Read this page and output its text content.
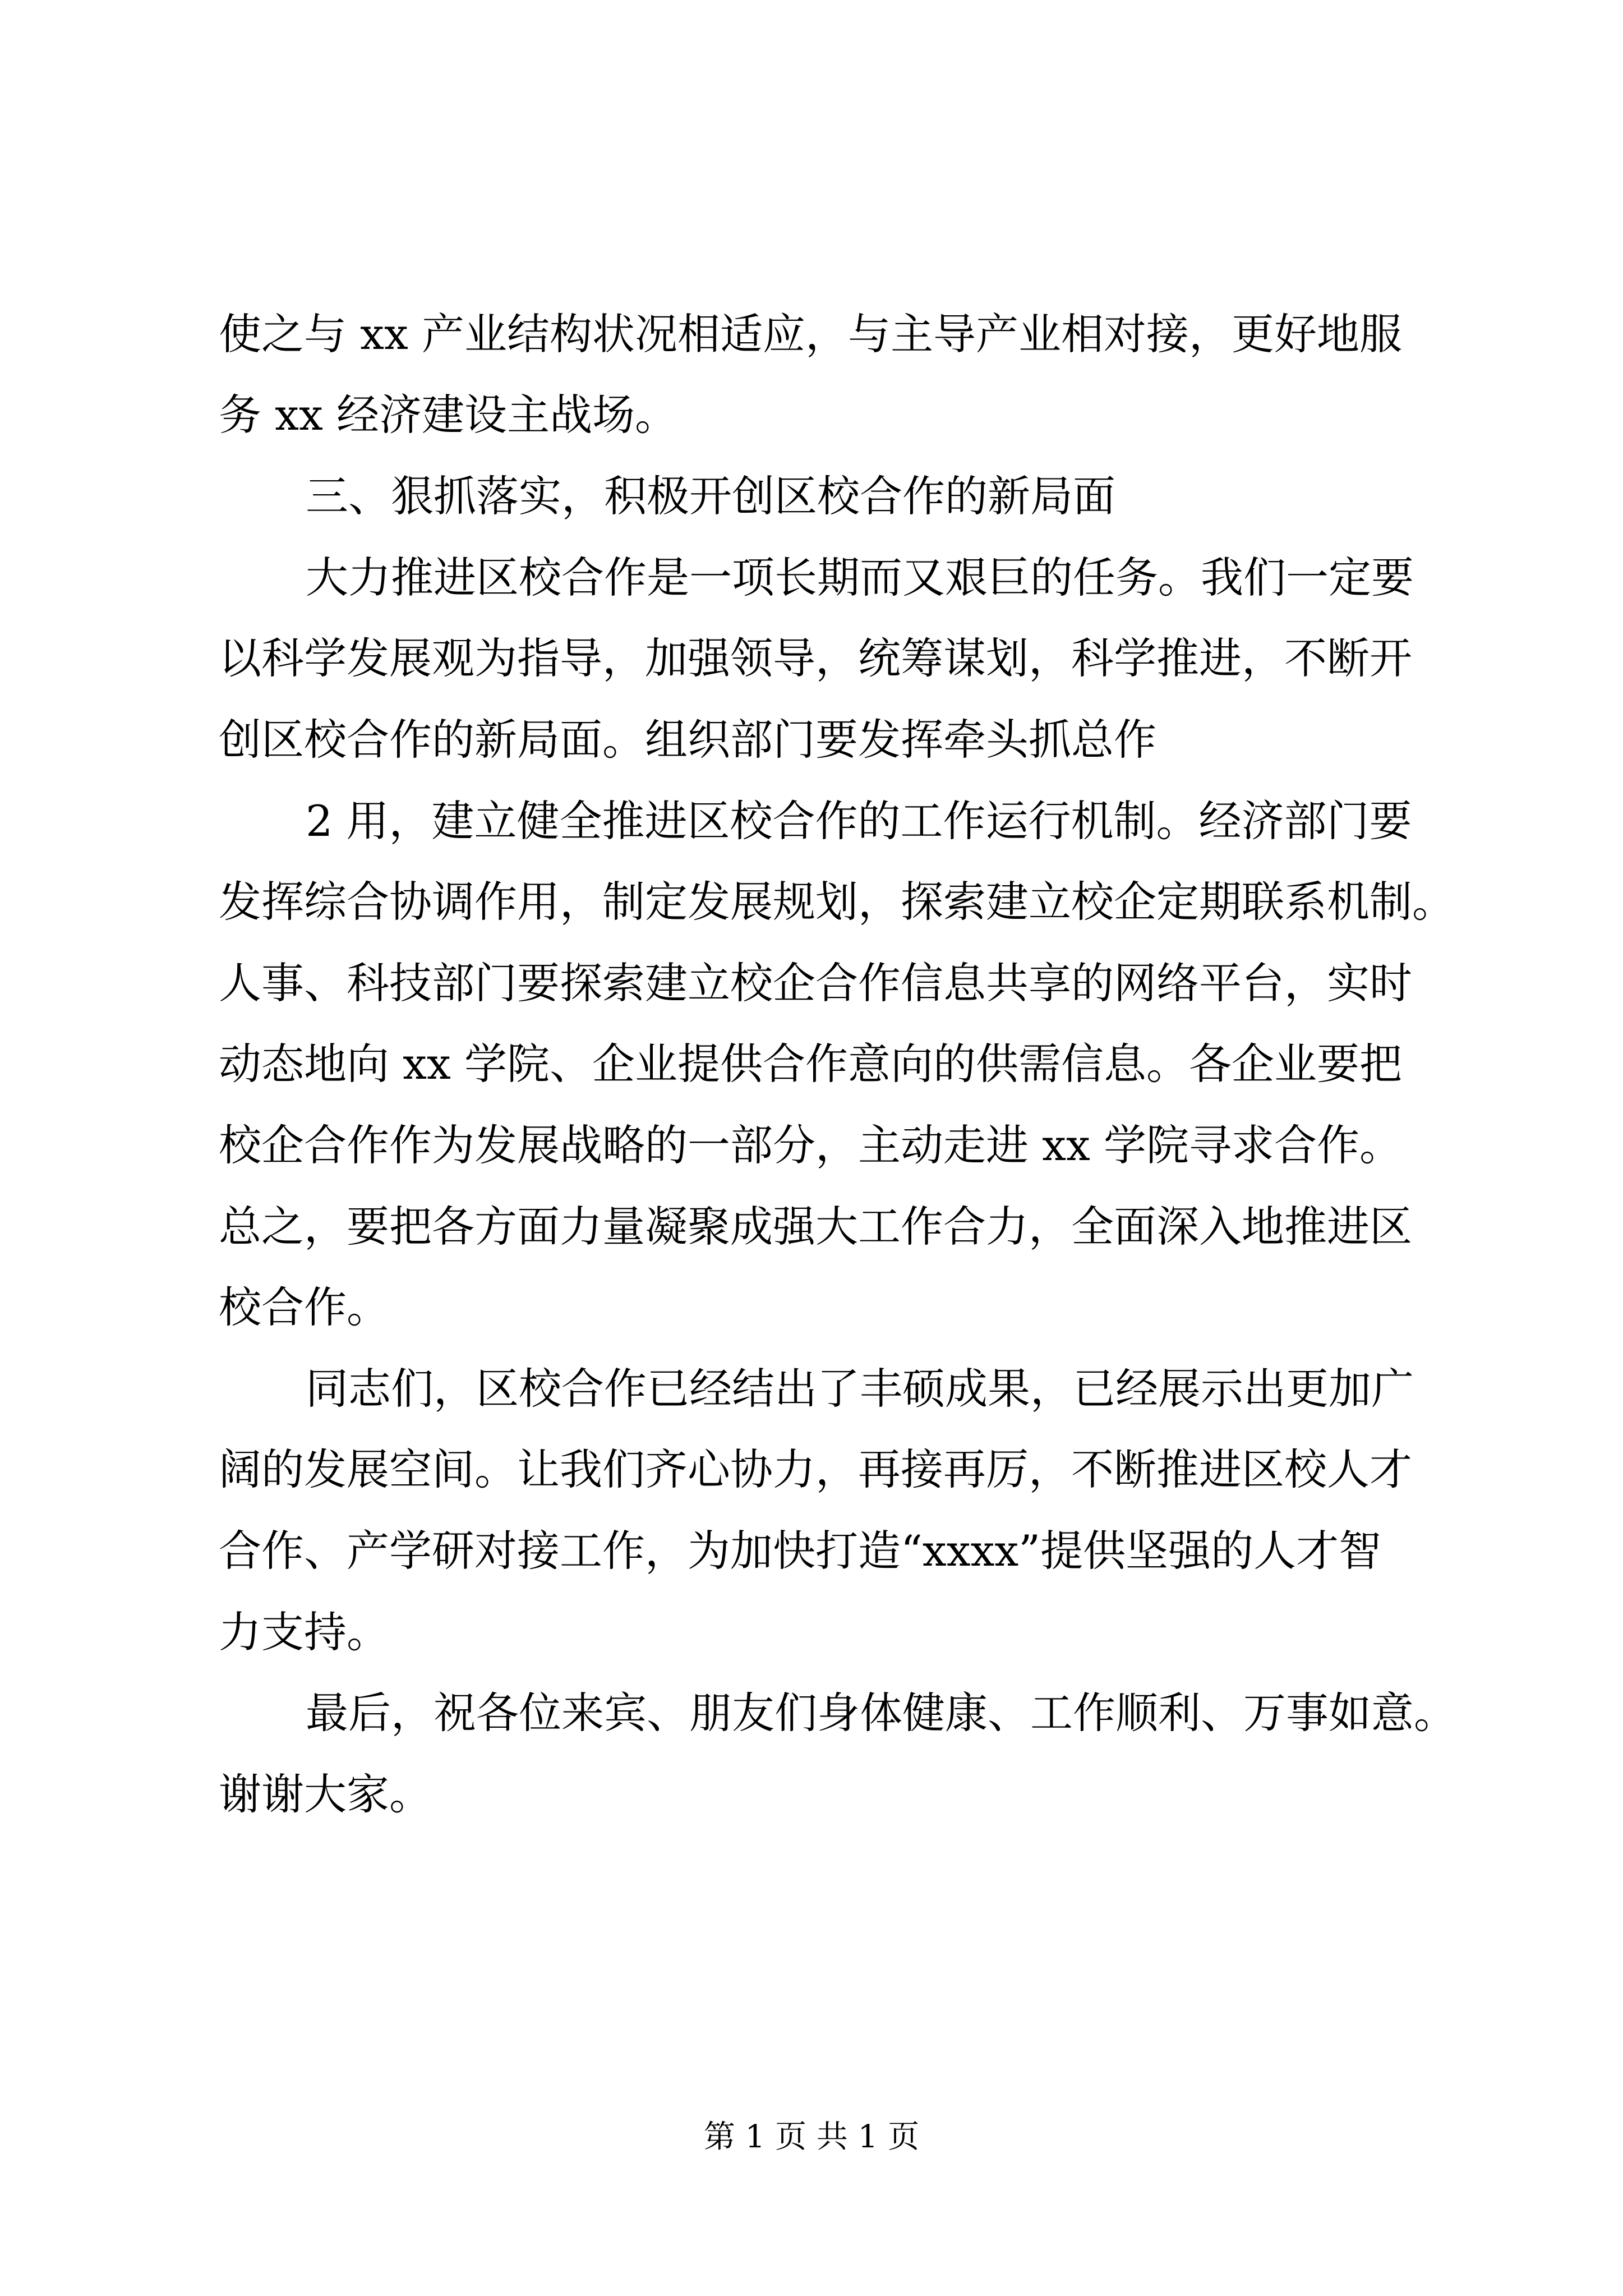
使之与 xx 产业结构状况相适应，与主导产业相对接，更好地服
务 xx 经济建设主战场。
三、狠抓落实，积极开创区校合作的新局面
大力推进区校合作是一项长期而又艰巨的任务。我们一定要
以科学发展观为指导，加强领导，统筹谋划，科学推进，不断开
创区校合作的新局面。组织部门要发挥牵头抓总作
2 用，建立健全推进区校合作的工作运行机制。经济部门要
发挥综合协调作用，制定发展规划，探索建立校企定期联系机制。
人事、科技部门要探索建立校企合作信息共享的网络平台，实时
动态地向 xx 学院、企业提供合作意向的供需信息。各企业要把
校企合作作为发展战略的一部分，主动走进 xx 学院寻求合作。
总之，要把各方面力量凝聚成强大工作合力，全面深入地推进区
校合作。
同志们，区校合作已经结出了丰硕成果，已经展示出更加广
阔的发展空间。让我们齐心协力，再接再厉，不断推进区校人才
合作、产学研对接工作，为加快打造“xxxx”提供坚强的人才智
力支持。
最后，祝各位来宾、朋友们身体健康、工作顺利、万事如意。
谢谢大家。
第 1 页 共 1 页
